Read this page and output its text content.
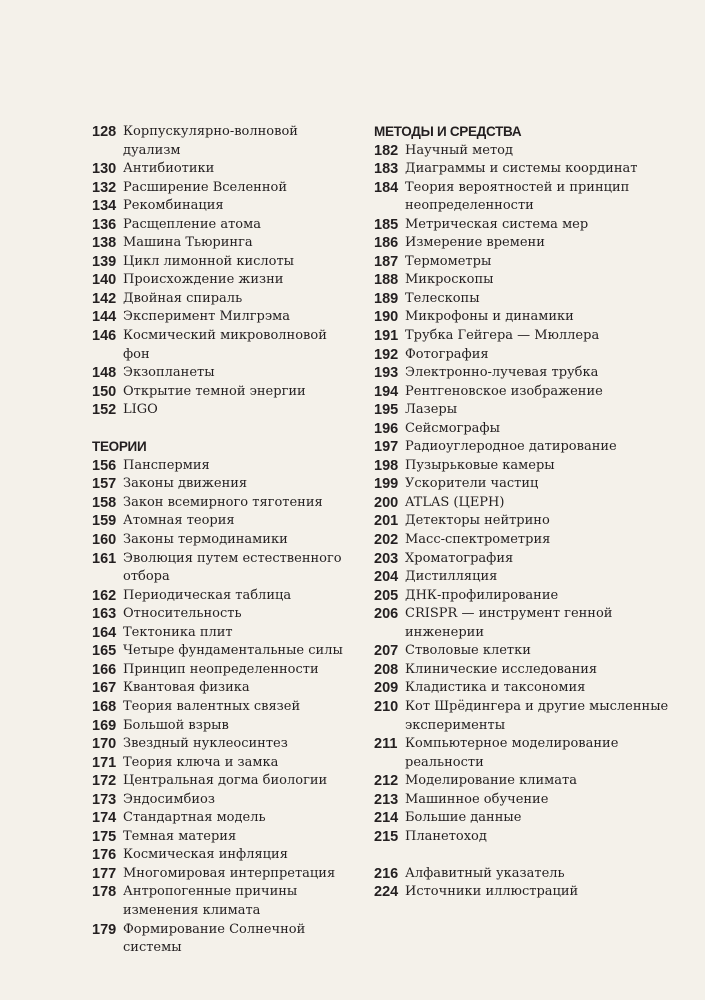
128 Корпускулярно-волновой дуализм
130 Антибиотики
132 Расширение Вселенной
134 Рекомбинация
136 Расщепление атома
138 Машина Тьюринга
139 Цикл лимонной кислоты
140 Происхождение жизни
142 Двойная спираль
144 Эксперимент Милгрэма
146 Космический микроволновой фон
148 Экзопланеты
150 Открытие темной энергии
152 LIGO
ТЕОРИИ
156 Панспермия
157 Законы движения
158 Закон всемирного тяготения
159 Атомная теория
160 Законы термодинамики
161 Эволюция путем естественного отбора
162 Периодическая таблица
163 Относительность
164 Тектоника плит
165 Четыре фундаментальные силы
166 Принцип неопределенности
167 Квантовая физика
168 Теория валентных связей
169 Большой взрыв
170 Звездный нуклеосинтез
171 Теория ключа и замка
172 Центральная догма биологии
173 Эндосимбиоз
174 Стандартная модель
175 Темная материя
176 Космическая инфляция
177 Многомировая интерпретация
178 Антропогенные причины изменения климата
179 Формирование Солнечной системы
МЕТОДЫ И СРЕДСТВА
182 Научный метод
183 Диаграммы и системы координат
184 Теория вероятностей и принцип неопределенности
185 Метрическая система мер
186 Измерение времени
187 Термометры
188 Микроскопы
189 Телескопы
190 Микрофоны и динамики
191 Трубка Гейгера — Мюллера
192 Фотография
193 Электронно-лучевая трубка
194 Рентгеновское изображение
195 Лазеры
196 Сейсмографы
197 Радиоуглеродное датирование
198 Пузырьковые камеры
199 Ускорители частиц
200 ATLAS (ЦЕРН)
201 Детекторы нейтрино
202 Масс-спектрометрия
203 Хроматография
204 Дистилляция
205 ДНК-профилирование
206 CRISPR — инструмент генной инженерии
207 Стволовые клетки
208 Клинические исследования
209 Кладистика и таксономия
210 Кот Шрёдингера и другие мысленные эксперименты
211 Компьютерное моделирование реальности
212 Моделирование климата
213 Машинное обучение
214 Большие данные
215 Планетоход
216 Алфавитный указатель
224 Источники иллюстраций
